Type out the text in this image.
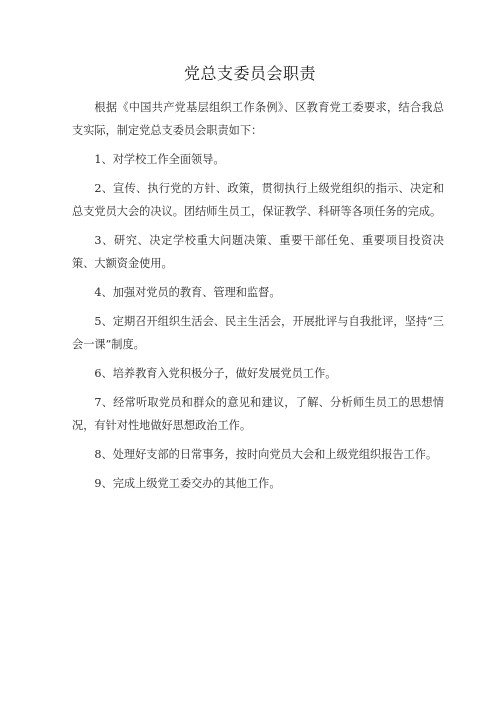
党总支委员会职责

根据《中国共产党基层组织工作条例》、区教育党工委要求，结合我总支实际，制定党总支委员会职责如下：

1、对学校工作全面领导。

2、宣传、执行党的方针、政策，贯彻执行上级党组织的指示、决定和总支党员大会的决议。团结师生员工，保证教学、科研等各项任务的完成。

3、研究、决定学校重大问题决策、重要干部任免、重要项目投资决策、大额资金使用。

4、加强对党员的教育、管理和监督。

5、定期召开组织生活会、民主生活会，开展批评与自我批评，坚持“三会一课”制度。

6、培养教育入党积极分子，做好发展党员工作。

7、经常听取党员和群众的意见和建议，了解、分析师生员工的思想情况，有针对性地做好思想政治工作。

8、处理好支部的日常事务，按时向党员大会和上级党组织报告工作。

9、完成上级党工委交办的其他工作。
